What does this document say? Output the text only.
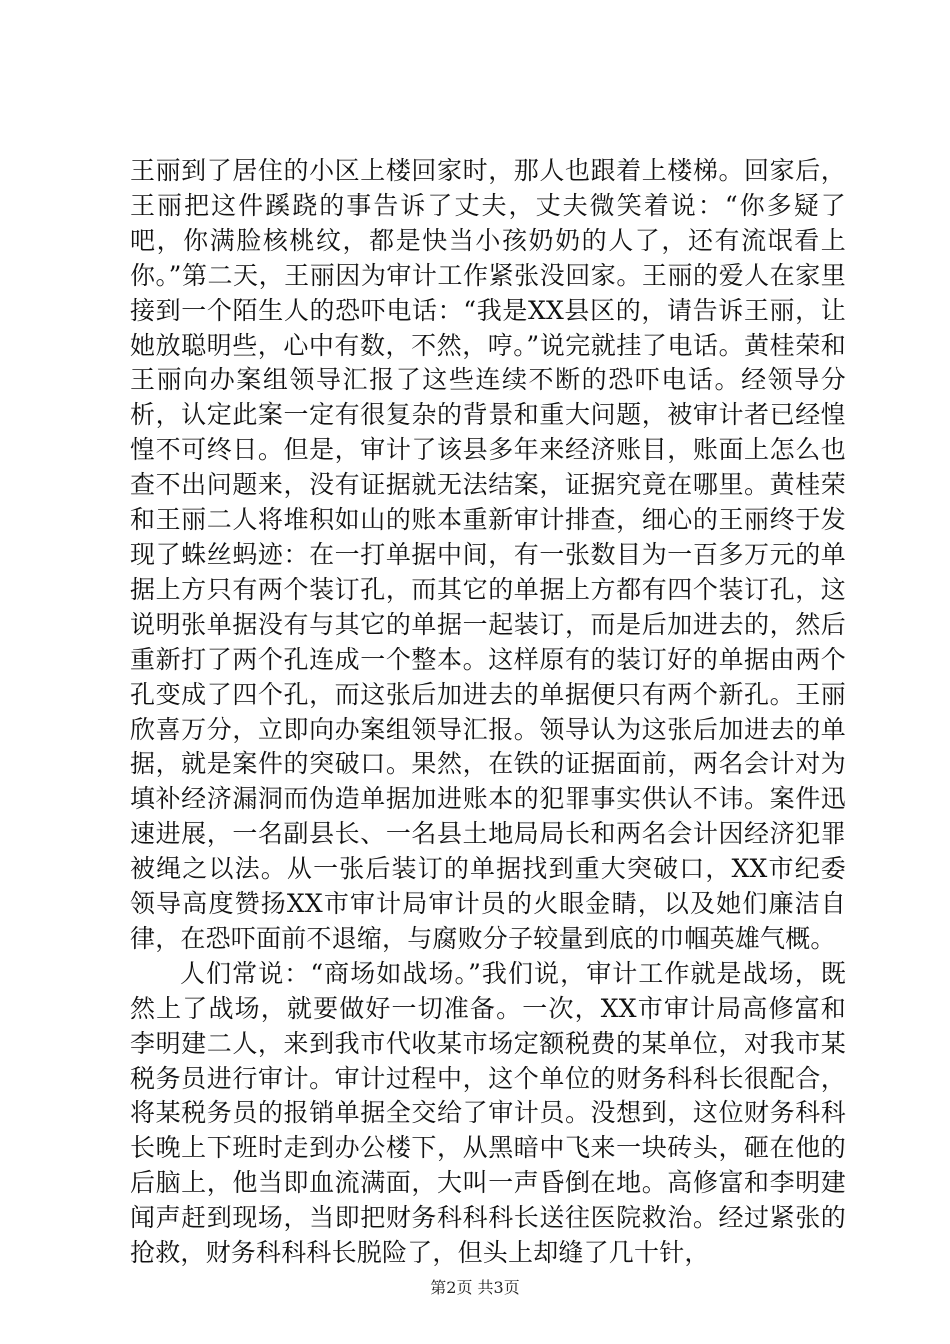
王丽到了居住的小区上楼回家时，那人也跟着上楼梯。回家后，王丽把这件蹊跷的事告诉了丈夫，丈夫微笑着说：“你多疑了吧，你满脸核桃纹，都是快当小孩奶奶的人了，还有流氓看上你。”第二天，王丽因为审计工作紧张没回家。王丽的爱人在家里接到一个陌生人的恐吓电话：“我是XX县区的，请告诉王丽，让她放聪明些，心中有数，不然，哼。”说完就挂了电话。黄桂荣和王丽向办案组领导汇报了这些连续不断的恐吓电话。经领导分析，认定此案一定有很复杂的背景和重大问题，被审计者已经惶惶不可终日。但是，审计了该县多年来经济账目，账面上怎么也查不出问题来，没有证据就无法结案，证据究竟在哪里。黄桂荣和王丽二人将堆积如山的账本重新审计排查，细心的王丽终于发现了蛛丝蚂迹：在一打单据中间，有一张数目为一百多万元的单据上方只有两个装订孔，而其它的单据上方都有四个装订孔，这说明张单据没有与其它的单据一起装订，而是后加进去的，然后重新打了两个孔连成一个整本。这样原有的装订好的单据由两个孔变成了四个孔，而这张后加进去的单据便只有两个新孔。王丽欣喜万分，立即向办案组领导汇报。领导认为这张后加进去的单据，就是案件的突破口。果然，在铁的证据面前，两名会计对为填补经济漏洞而伪造单据加进账本的犯罪事实供认不讳。案件迅速进展，一名副县长、一名县土地局局长和两名会计因经济犯罪被绳之以法。从一张后装订的单据找到重大突破口，XX市纪委领导高度赞扬XX市审计局审计员的火眼金睛，以及她们廉洁自律，在恐吓面前不退缩，与腐败分子较量到底的巾帼英雄气概。

人们常说：“商场如战场。”我们说，审计工作就是战场，既然上了战场，就要做好一切准备。一次，XX市审计局高修富和李明建二人，来到我市代收某市场定额税费的某单位，对我市某税务员进行审计。审计过程中，这个单位的财务科科长很配合，将某税务员的报销单据全交给了审计员。没想到，这位财务科科长晚上下班时走到办公楼下，从黑暗中飞来一块砖头，砸在他的后脑上，他当即血流满面，大叫一声昏倒在地。高修富和李明建闻声赶到现场，当即把财务科科科长送往医院救治。经过紧张的抢救，财务科科科长脱险了，但头上却缝了几十针，

第2页 共3页
